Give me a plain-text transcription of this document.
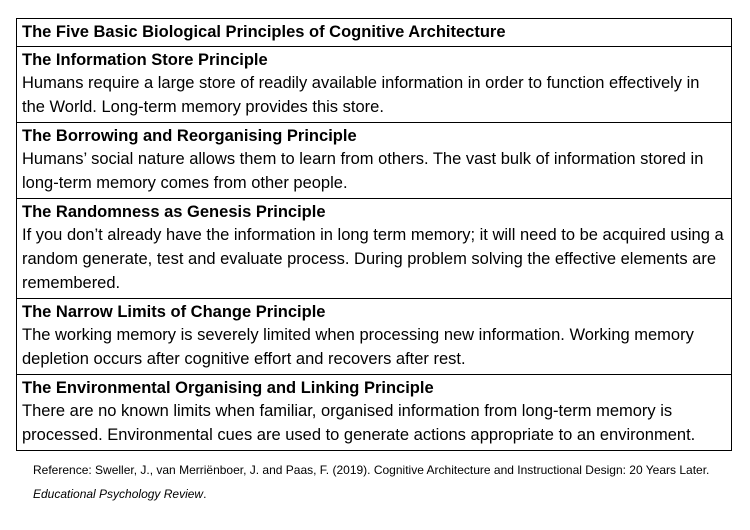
The Five Basic Biological Principles of Cognitive Architecture
The Information Store Principle
Humans require a large store of readily available information in order to function effectively in the World. Long-term memory provides this store.
The Borrowing and Reorganising Principle
Humans’ social nature allows them to learn from others. The vast bulk of information stored in long-term memory comes from other people.
The Randomness as Genesis Principle
If you don’t already have the information in long term memory; it will need to be acquired using a random generate, test and evaluate process. During problem solving the effective elements are remembered.
The Narrow Limits of Change Principle
The working memory is severely limited when processing new information. Working memory depletion occurs after cognitive effort and recovers after rest.
The Environmental Organising and Linking Principle
There are no known limits when familiar, organised information from long-term memory is processed. Environmental cues are used to generate actions appropriate to an environment.
Reference: Sweller, J., van Merriënboer, J. and Paas, F. (2019). Cognitive Architecture and Instructional Design: 20 Years Later. Educational Psychology Review.
